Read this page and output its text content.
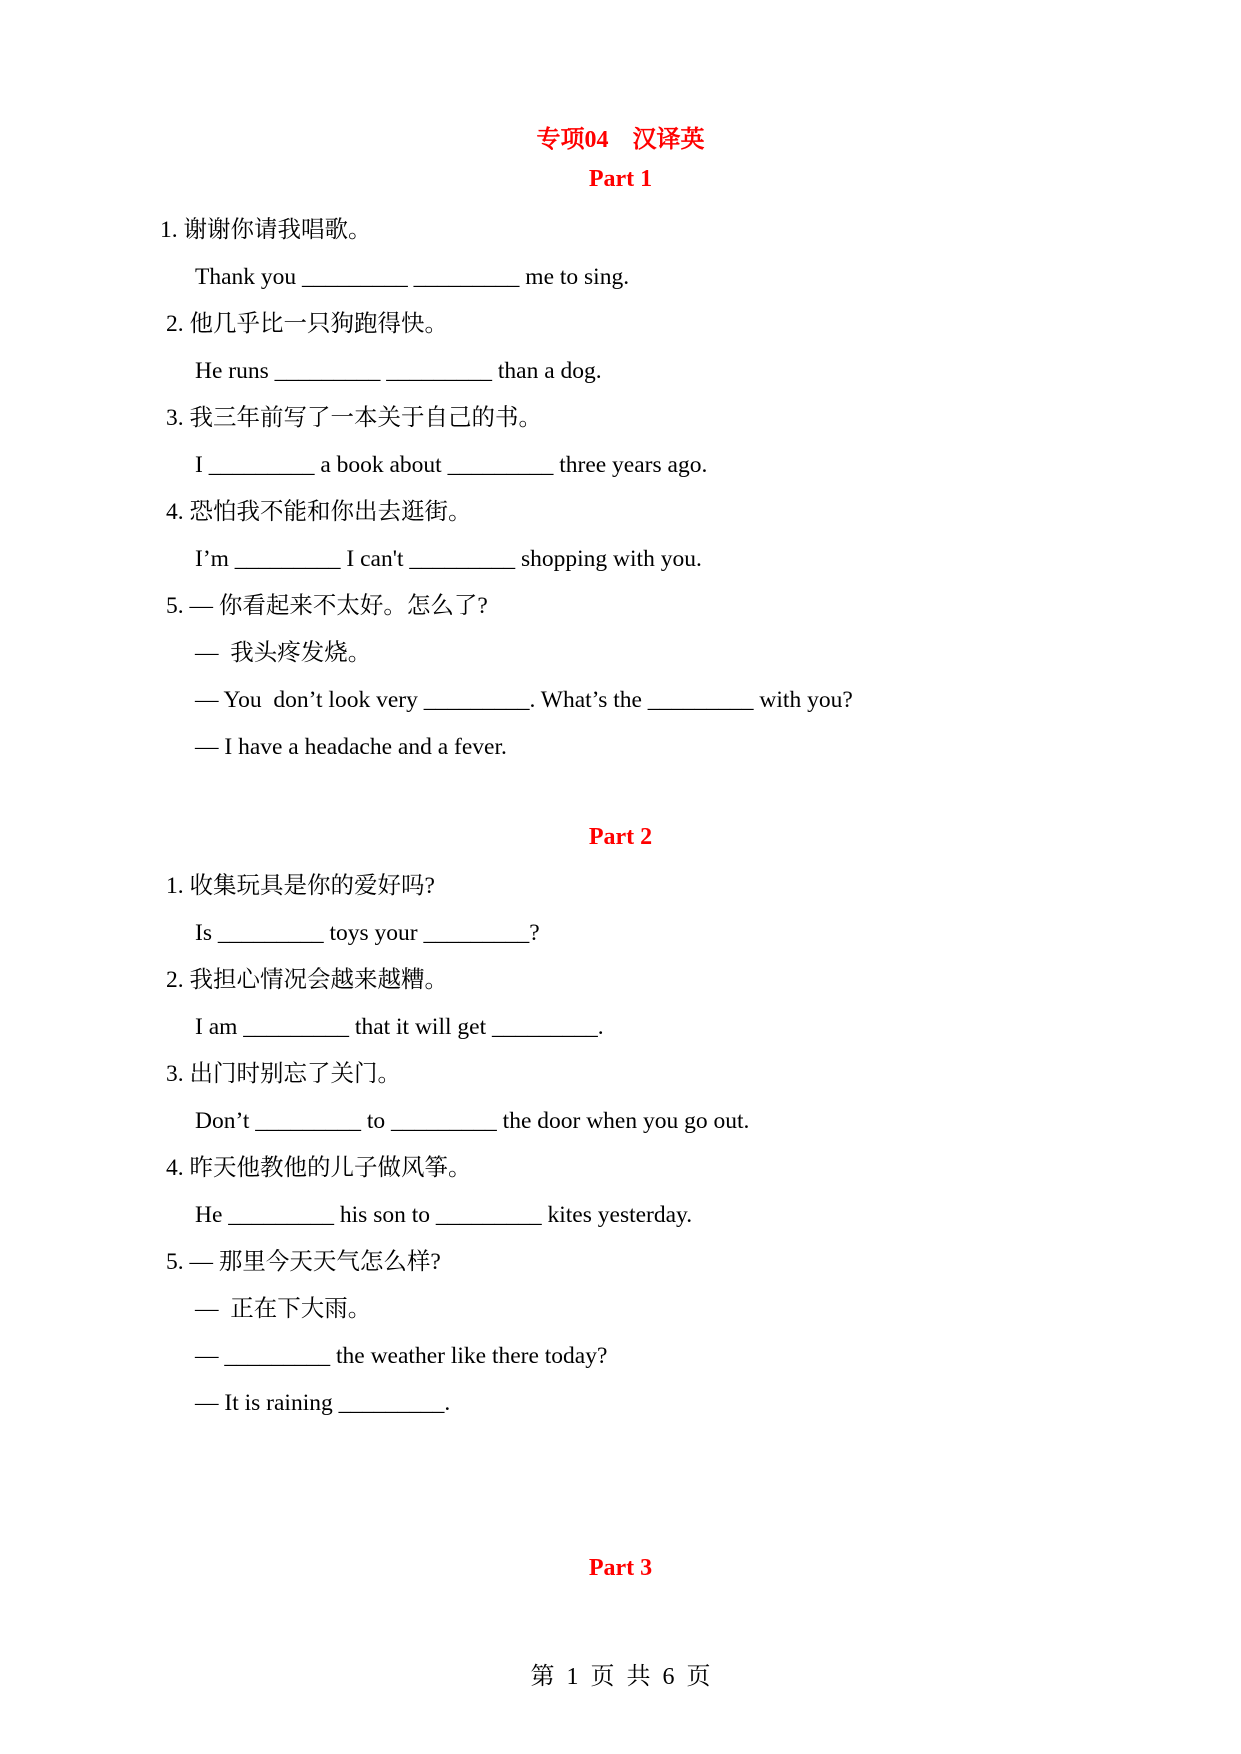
专项04    汉译英
Part 1
1. 谢谢你请我唱歌。
Thank you _________ _________ me to sing.
2. 他几乎比一只狗跑得快。
He runs _________ _________ than a dog.
3. 我三年前写了一本关于自己的书。
I _________ a book about _________ three years ago.
4. 恐怕我不能和你出去逛街。
I’m _________ I can't _________ shopping with you.
5. — 你看起来不太好。怎么了?
—  我头疼发烧。
— You  don’t look very _________. What’s the _________ with you?
— I have a headache and a fever.
Part 2
1. 收集玩具是你的爱好吗?
Is _________ toys your _________?
2. 我担心情况会越来越糟。
I am _________ that it will get _________.
3. 出门时别忘了关门。
Don’t _________ to _________ the door when you go out.
4. 昨天他教他的儿子做风筝。
He _________ his son to _________ kites yesterday.
5. — 那里今天天气怎么样?
—  正在下大雨。
— _________ the weather like there today?
— It is raining _________.
Part 3
第  1  页  共  6  页
